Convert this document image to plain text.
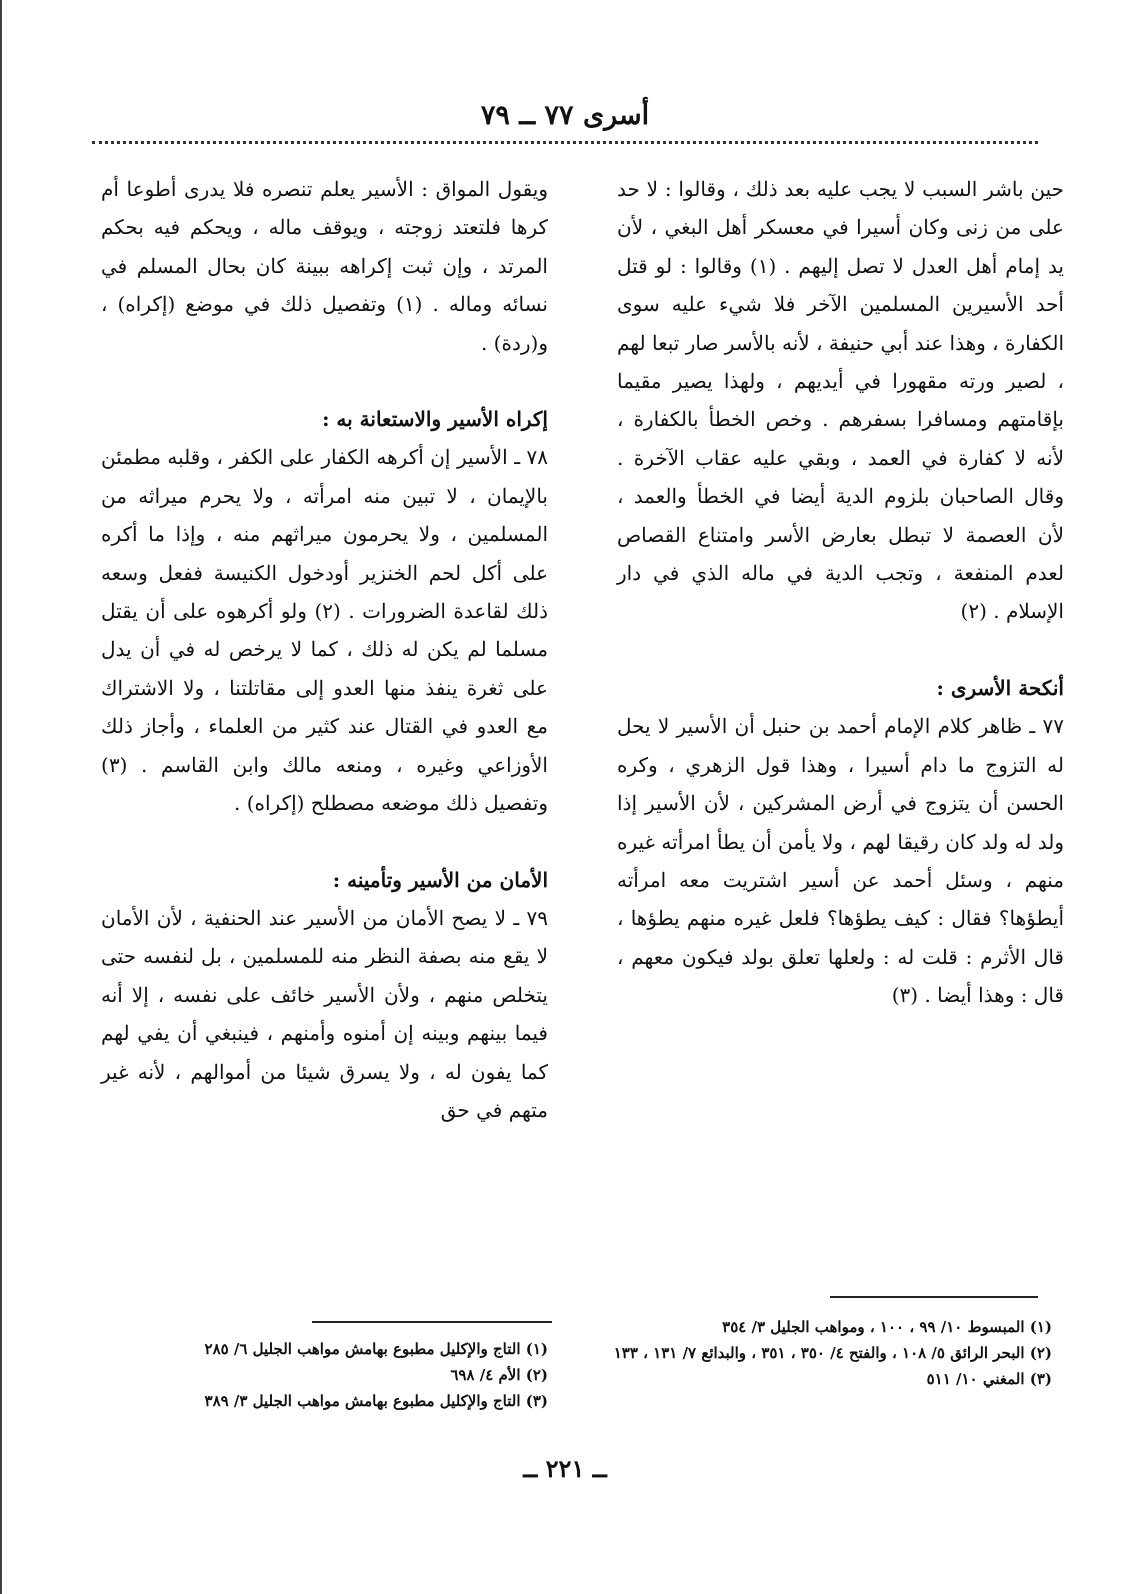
أسرى ٧٧ ــ ٧٩

حين باشر السبب لا يجب عليه بعد ذلك ، وقالوا : لا حد على من زنى وكان أسيرا في معسكر أهل البغي ، لأن يد إمام أهل العدل لا تصل إليهم . (١) وقالوا : لو قتل أحد الأسيرين المسلمين الآخر فلا شيء عليه سوى الكفارة ، وهذا عند أبي حنيفة ، لأنه بالأسر صار تبعا لهم ، لصير ورته مقهورا في أيديهم ، ولهذا يصير مقيما بإقامتهم ومسافرا بسفرهم . وخص الخطأ بالكفارة ، لأنه لا كفارة في العمد ، وبقي عليه عقاب الآخرة . وقال الصاحبان بلزوم الدية أيضا في الخطأ والعمد ، لأن العصمة لا تبطل بعارض الأسر وامتناع القصاص لعدم المنفعة ، وتجب الدية في ماله الذي في دار الإسلام . (٢)

أنكحة الأسرى :

٧٧ ـ ظاهر كلام الإمام أحمد بن حنبل أن الأسير لا يحل له التزوج ما دام أسيرا ، وهذا قول الزهري ، وكره الحسن أن يتزوج في أرض المشركين ، لأن الأسير إذا ولد له ولد كان رقيقا لهم ، ولا يأمن أن يطأ امرأته غيره منهم ، وسئل أحمد عن أسير اشتريت معه امرأته أيطؤها؟ فقال : كيف يطؤها؟ فلعل غيره منهم يطؤها ، قال الأثرم : قلت له : ولعلها تعلق بولد فيكون معهم ، قال : وهذا أيضا . (٣)

ويقول المواق : الأسير يعلم تنصره فلا يدرى أطوعا أم كرها فلتعتد زوجته ، ويوقف ماله ، ويحكم فيه بحكم المرتد ، وإن ثبت إكراهه ببينة كان بحال المسلم في نسائه وماله . (١) وتفصيل ذلك في موضع (إكراه) ، و(ردة) .

إكراه الأسير والاستعانة به :

٧٨ ـ الأسير إن أكرهه الكفار على الكفر ، وقلبه مطمئن بالإيمان ، لا تبين منه امرأته ، ولا يحرم ميراثه من المسلمين ، ولا يحرمون ميراثهم منه ، وإذا ما أكره على أكل لحم الخنزير أودخول الكنيسة ففعل وسعه ذلك لقاعدة الضرورات . (٢) ولو أكرهوه على أن يقتل مسلما لم يكن له ذلك ، كما لا يرخص له في أن يدل على ثغرة ينفذ منها العدو إلى مقاتلتنا ، ولا الاشتراك مع العدو في القتال عند كثير من العلماء ، وأجاز ذلك الأوزاعي وغيره ، ومنعه مالك وابن القاسم . (٣) وتفصيل ذلك موضعه مصطلح (إكراه) .

الأمان من الأسير وتأمينه :

٧٩ ـ لا يصح الأمان من الأسير عند الحنفية ، لأن الأمان لا يقع منه بصفة النظر منه للمسلمين ، بل لنفسه حتى يتخلص منهم ، ولأن الأسير خائف على نفسه ، إلا أنه فيما بينهم وبينه إن أمنوه وأمنهم ، فينبغي أن يفي لهم كما يفون له ، ولا يسرق شيئا من أموالهم ، لأنه غير متهم في حق

(١) المبسوط ١٠/ ٩٩ ، ١٠٠ ، ومواهب الجليل ٣/ ٣٥٤

(٢) البحر الرائق ٥/ ١٠٨ ، والفتح ٤/ ٣٥٠ ، ٣٥١ ، والبدائع ٧/ ١٣١ ، ١٣٣

(٣) المغني ١٠/ ٥١١

(١) التاج والإكليل مطبوع بهامش مواهب الجليل ٦/ ٢٨٥

(٢) الأم ٤/ ٦٩٨

(٣) التاج والإكليل مطبوع بهامش مواهب الجليل ٣/ ٣٨٩

ــ ٢٢١ ــ
